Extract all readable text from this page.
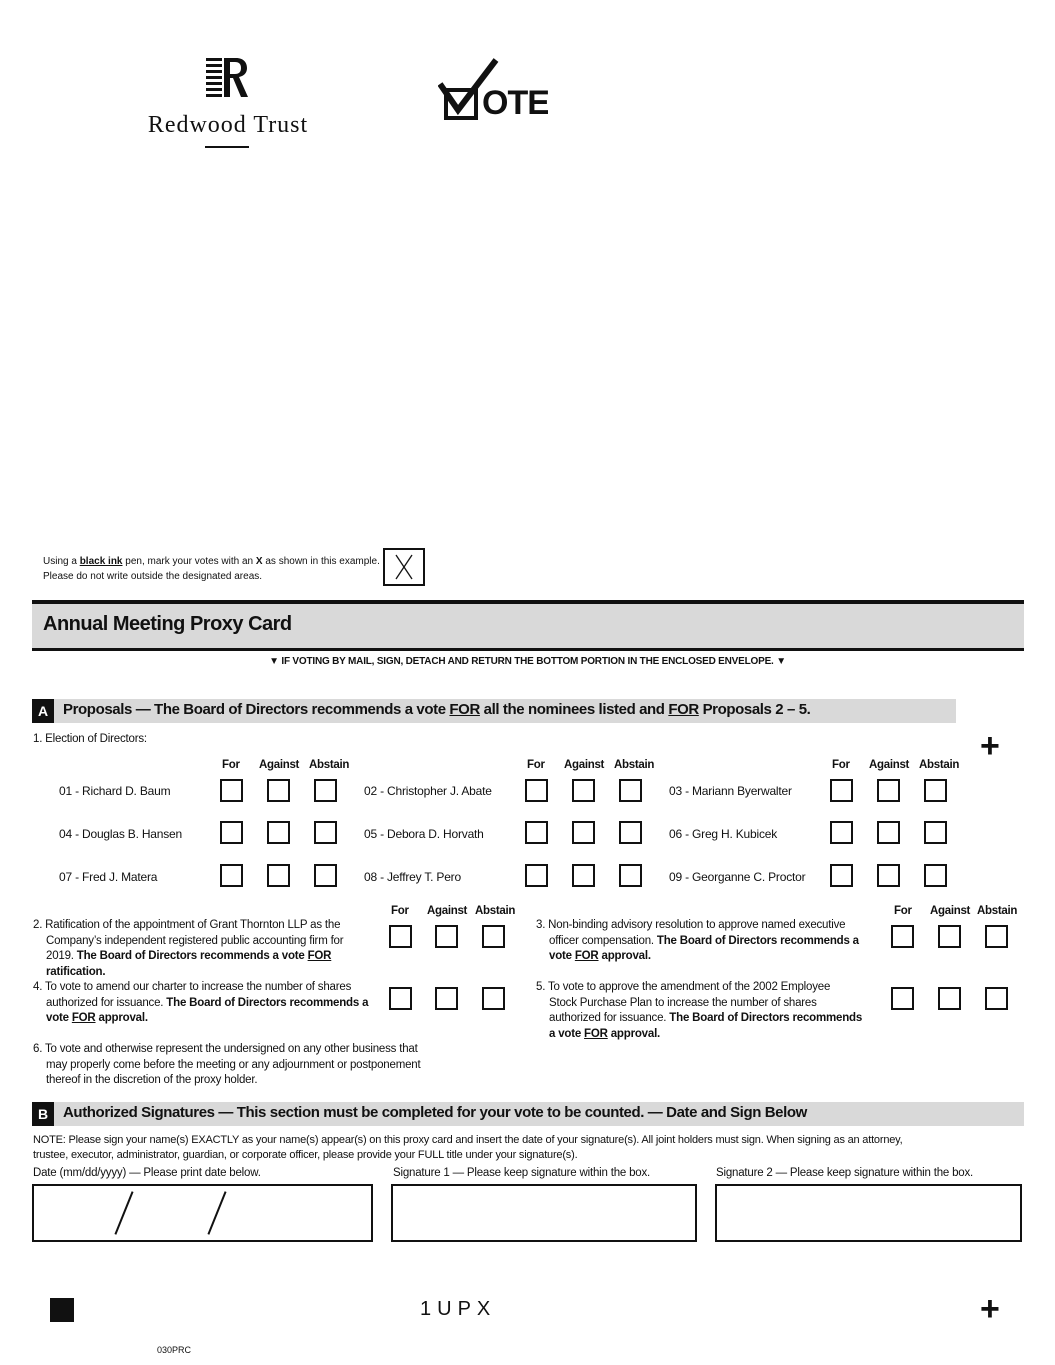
Redwood Trust
OTE
Using a black ink pen, mark your votes with an X as shown in this example.
Please do not write outside the designated areas.
Annual Meeting Proxy Card
▼ IF VOTING BY MAIL, SIGN, DETACH AND RETURN THE BOTTOM PORTION IN THE ENCLOSED ENVELOPE. ▼
A Proposals — The Board of Directors recommends a vote FOR all the nominees listed and FOR Proposals 2 – 5.
+
1. Election of Directors:
For Against Abstain	For Against Abstain	For Against Abstain
01 - Richard D. Baum	02 - Christopher J. Abate	03 - Mariann Byerwalter
04 - Douglas B. Hansen	05 - Debora D. Horvath	06 - Greg H. Kubicek
07 - Fred J. Matera	08 - Jeffrey T. Pero	09 - Georganne C. Proctor
For Against Abstain	For Against Abstain
2. Ratification of the appointment of Grant Thornton LLP as the
Company’s independent registered public accounting firm for
2019. The Board of Directors recommends a vote FOR ratification.
3. Non-binding advisory resolution to approve named executive
officer compensation. The Board of Directors recommends a
vote FOR approval.
4. To vote to amend our charter to increase the number of shares
authorized for issuance. The Board of Directors recommends a
vote FOR approval.
5. To vote to approve the amendment of the 2002 Employee
Stock Purchase Plan to increase the number of shares
authorized for issuance. The Board of Directors recommends
a vote FOR approval.
6. To vote and otherwise represent the undersigned on any other business that
may properly come before the meeting or any adjournment or postponement
thereof in the discretion of the proxy holder.
B Authorized Signatures — This section must be completed for your vote to be counted. — Date and Sign Below
NOTE: Please sign your name(s) EXACTLY as your name(s) appear(s) on this proxy card and insert the date of your signature(s). All joint holders must sign. When signing as an attorney,
trustee, executor, administrator, guardian, or corporate officer, please provide your FULL title under your signature(s).
Date (mm/dd/yyyy) — Please print date below.	Signature 1 — Please keep signature within the box.	Signature 2 — Please keep signature within the box.
1UPX	+
030PRC
